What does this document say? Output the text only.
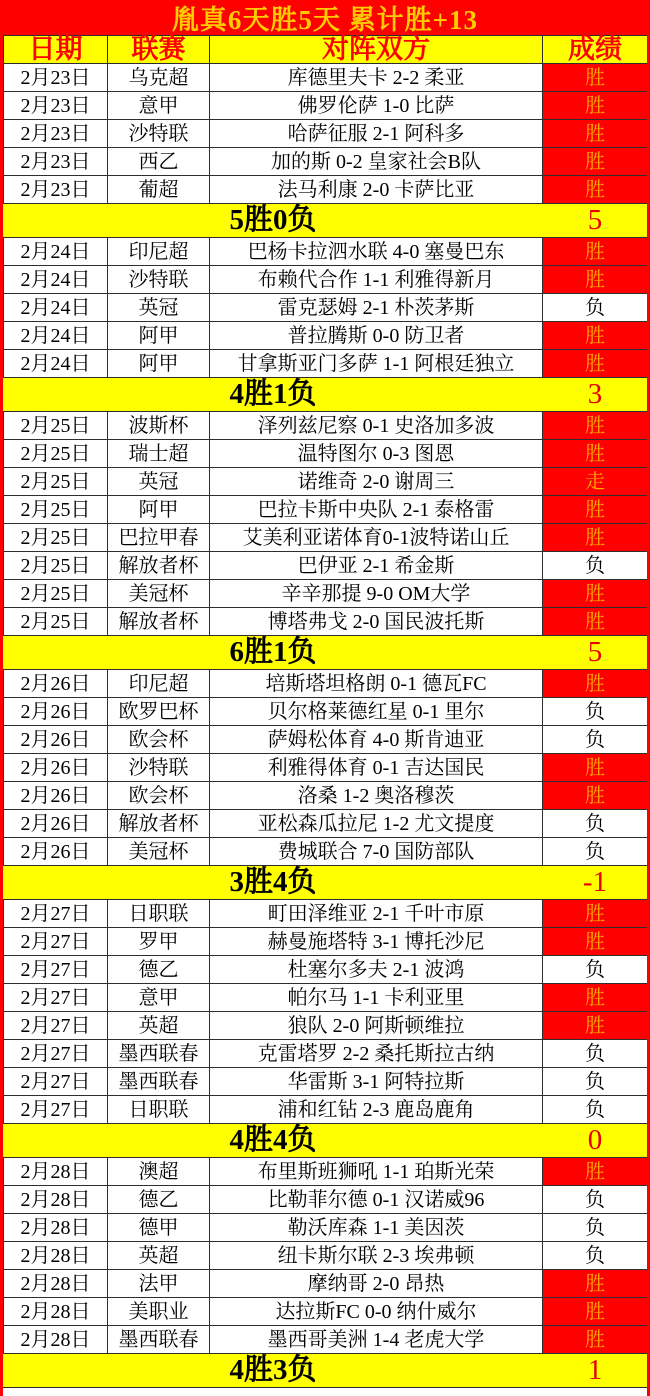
胤真6天胜5天 累计胜+13
日期	联赛	对阵双方	成绩
2月23日	乌克超	库德里夫卡 2-2 柔亚	胜

2月23日	意甲	佛罗伦萨 1-0 比萨	胜

2月23日	沙特联	哈萨征服 2-1 阿科多	胜

2月23日	西乙	加的斯 0-2 皇家社会B队	胜

2月23日	葡超	法马利康 2-0 卡萨比亚	胜

5胜0负			5
2月24日	印尼超	巴杨卡拉泗水联 4-0 塞曼巴东	胜

2月24日	沙特联	布赖代合作 1-1 利雅得新月	胜

2月24日	英冠	雷克瑟姆 2-1 朴茨茅斯	负

2月24日	阿甲	普拉腾斯 0-0 防卫者	胜

2月24日	阿甲	甘拿斯亚门多萨 1-1 阿根廷独立	胜

4胜1负			3
2月25日	波斯杯	泽列兹尼察 0-1 史洛加多波	胜

2月25日	瑞士超	温特图尔 0-3 图恩	胜

2月25日	英冠	诺维奇 2-0 谢周三	走

2月25日	阿甲	巴拉卡斯中央队 2-1 泰格雷	胜

2月25日	巴拉甲春	艾美利亚诺体育0-1波特诺山丘	胜

2月25日	解放者杯	巴伊亚 2-1 希金斯	负

2月25日	美冠杯	辛辛那提 9-0 OM大学	胜

2月25日	解放者杯	博塔弗戈 2-0 国民波托斯	胜

6胜1负			5
2月26日	印尼超	培斯塔坦格朗 0-1 德瓦FC	胜

2月26日	欧罗巴杯	贝尔格莱德红星 0-1 里尔	负

2月26日	欧会杯	萨姆松体育 4-0 斯肯迪亚	负

2月26日	沙特联	利雅得体育 0-1 吉达国民	胜

2月26日	欧会杯	洛桑 1-2 奥洛穆茨	胜

2月26日	解放者杯	亚松森瓜拉尼 1-2 尤文提度	负

2月26日	美冠杯	费城联合 7-0 国防部队	负

3胜4负			-1
2月27日	日职联	町田泽维亚 2-1 千叶市原	胜

2月27日	罗甲	赫曼施塔特 3-1 博托沙尼	胜

2月27日	德乙	杜塞尔多夫 2-1 波鸿	负

2月27日	意甲	帕尔马 1-1 卡利亚里	胜

2月27日	英超	狼队 2-0 阿斯顿维拉	胜

2月27日	墨西联春	克雷塔罗 2-2 桑托斯拉古纳	负

2月27日	墨西联春	华雷斯 3-1 阿特拉斯	负

2月27日	日职联	浦和红钻 2-3 鹿岛鹿角	负

4胜4负			0
2月28日	澳超	布里斯班狮吼 1-1 珀斯光荣	胜

2月28日	德乙	比勒菲尔德 0-1 汉诺威96	负

2月28日	德甲	勒沃库森 1-1 美因茨	负

2月28日	英超	纽卡斯尔联 2-3 埃弗顿	负

2月28日	法甲	摩纳哥 2-0 昂热	胜

2月28日	美职业	达拉斯FC 0-0 纳什威尔	胜

2月28日	墨西联春	墨西哥美洲 1-4 老虎大学	胜

4胜3负			1
